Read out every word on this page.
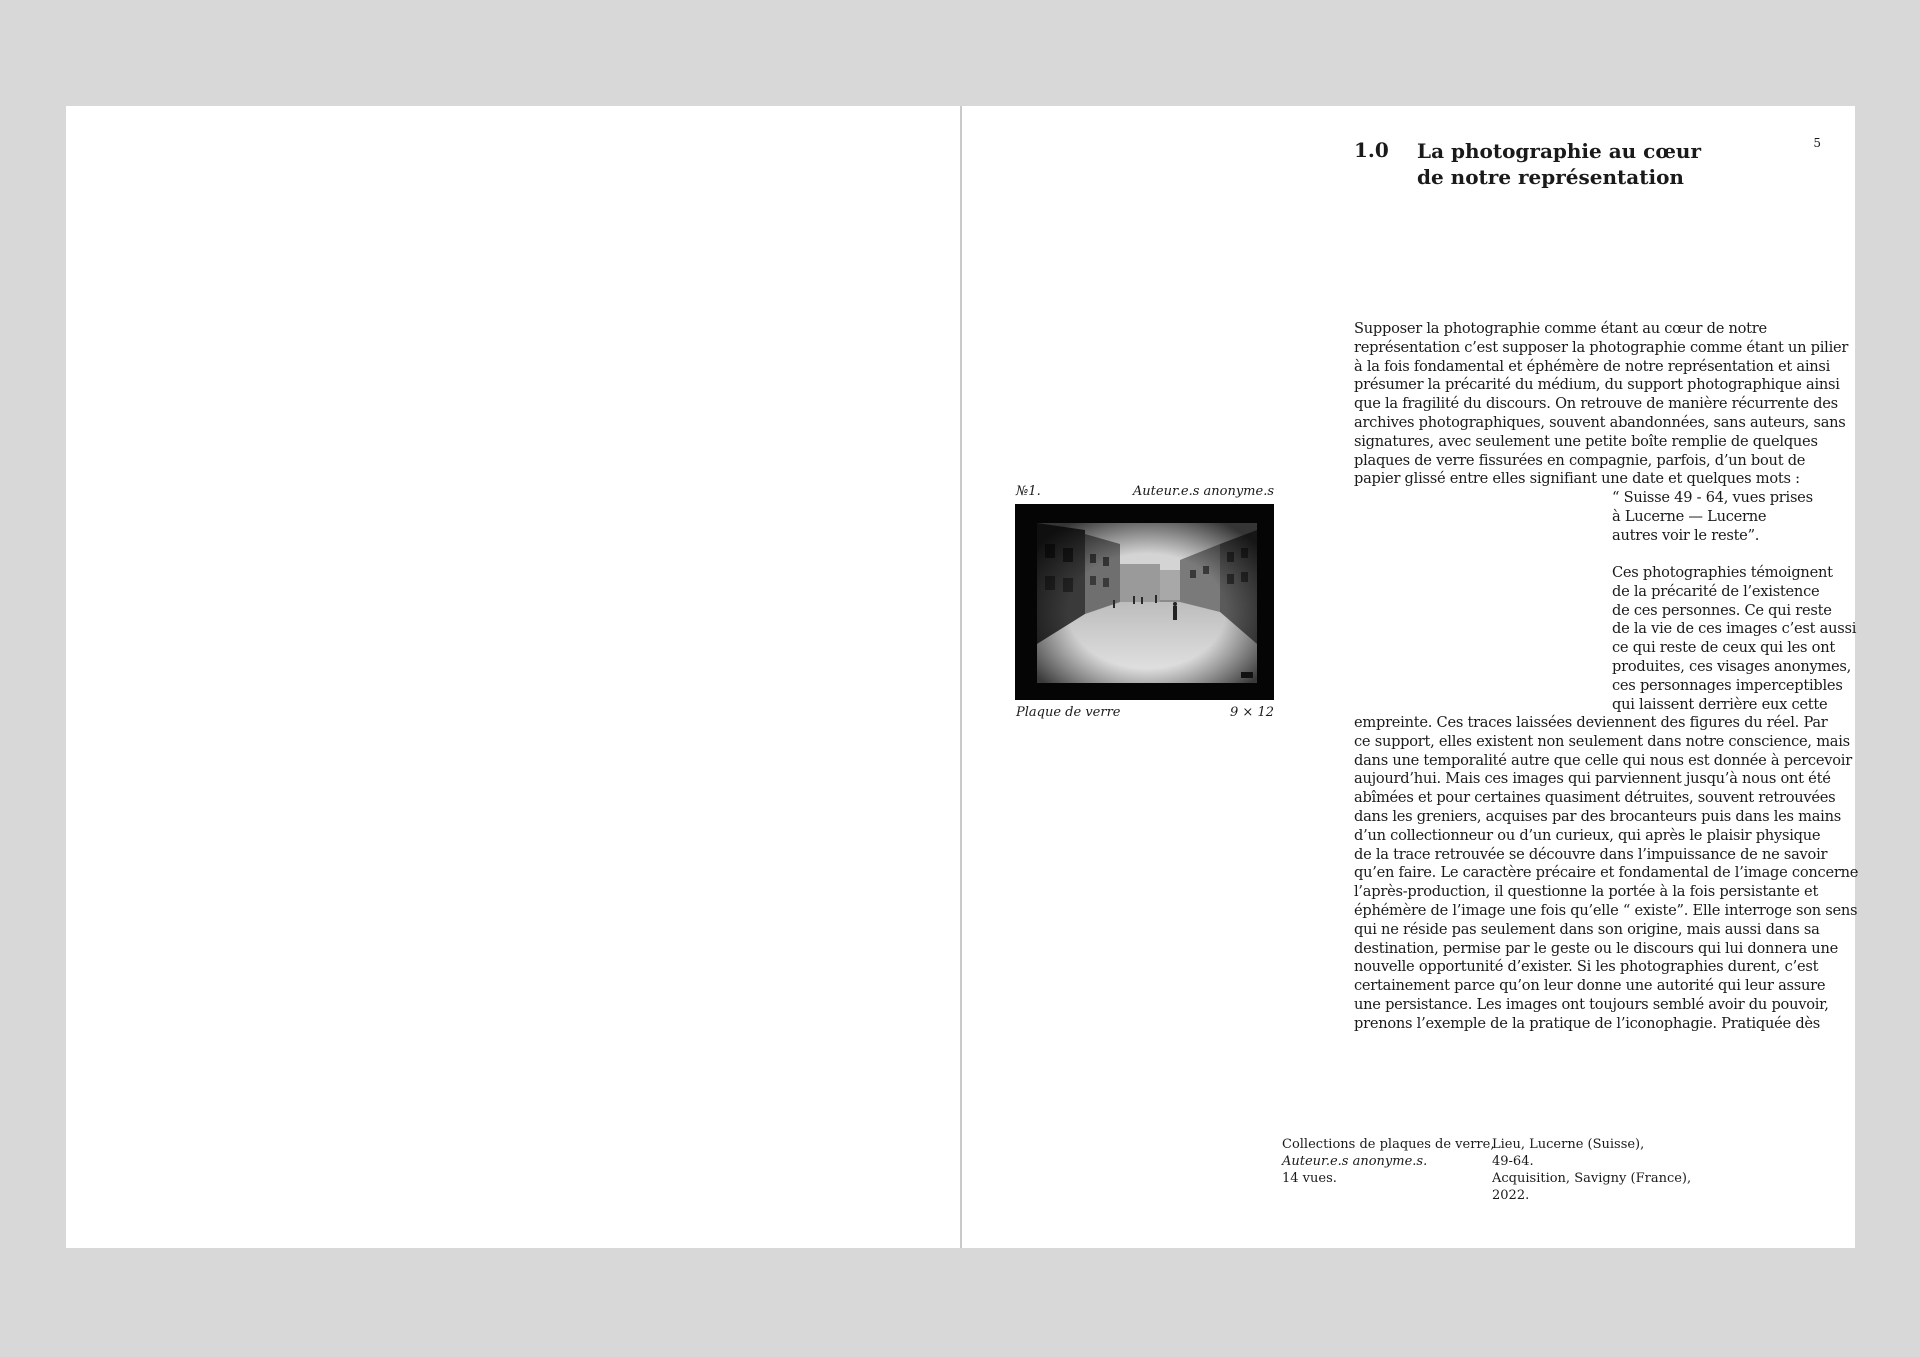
5
1.0 La photographie au cœur
de notre représentation
Supposer la photographie comme étant au cœur de notre
représentation c’est supposer la photographie comme étant un pilier
à la fois fondamental et éphémère de notre représentation et ainsi
présumer la précarité du médium, du support photographique ainsi
que la fragilité du discours. On retrouve de manière récurrente des
archives photographiques, souvent abandonnées, sans auteurs, sans
signatures, avec seulement une petite boîte remplie de quelques
plaques de verre fissurées en compagnie, parfois, d’un bout de
papier glissé entre elles signifiant une date et quelques mots :
“ Suisse 49 - 64, vues prises
à Lucerne — Lucerne
autres voir le reste”.
Ces photographies témoignent
de la précarité de l’existence
de ces personnes. Ce qui reste
de la vie de ces images c’est aussi
ce qui reste de ceux qui les ont
produites, ces visages anonymes,
ces personnages imperceptibles
qui laissent derrière eux cette
empreinte. Ces traces laissées deviennent des figures du réel. Par
ce support, elles existent non seulement dans notre conscience, mais
dans une temporalité autre que celle qui nous est donnée à percevoir
aujourd’hui. Mais ces images qui parviennent jusqu’à nous ont été
abîmées et pour certaines quasiment détruites, souvent retrouvées
dans les greniers, acquises par des brocanteurs puis dans les mains
d’un collectionneur ou d’un curieux, qui après le plaisir physique
de la trace retrouvée se découvre dans l’impuissance de ne savoir
qu’en faire. Le caractère précaire et fondamental de l’image concerne
l’après-production, il questionne la portée à la fois persistante et
éphémère de l’image une fois qu’elle “ existe”. Elle interroge son sens
qui ne réside pas seulement dans son origine, mais aussi dans sa
destination, permise par le geste ou le discours qui lui donnera une
nouvelle opportunité d’exister. Si les photographies durent, c’est
certainement parce qu’on leur donne une autorité qui leur assure
une persistance. Les images ont toujours semblé avoir du pouvoir,
prenons l’exemple de la pratique de l’iconophagie. Pratiquée dès
№1.	Auteur.e.s anonyme.s
Plaque de verre	9 × 12
Collections de plaques de verre,
Auteur.e.s anonyme.s.
14 vues.
Lieu, Lucerne (Suisse),
49-64.
Acquisition, Savigny (France),
2022.
